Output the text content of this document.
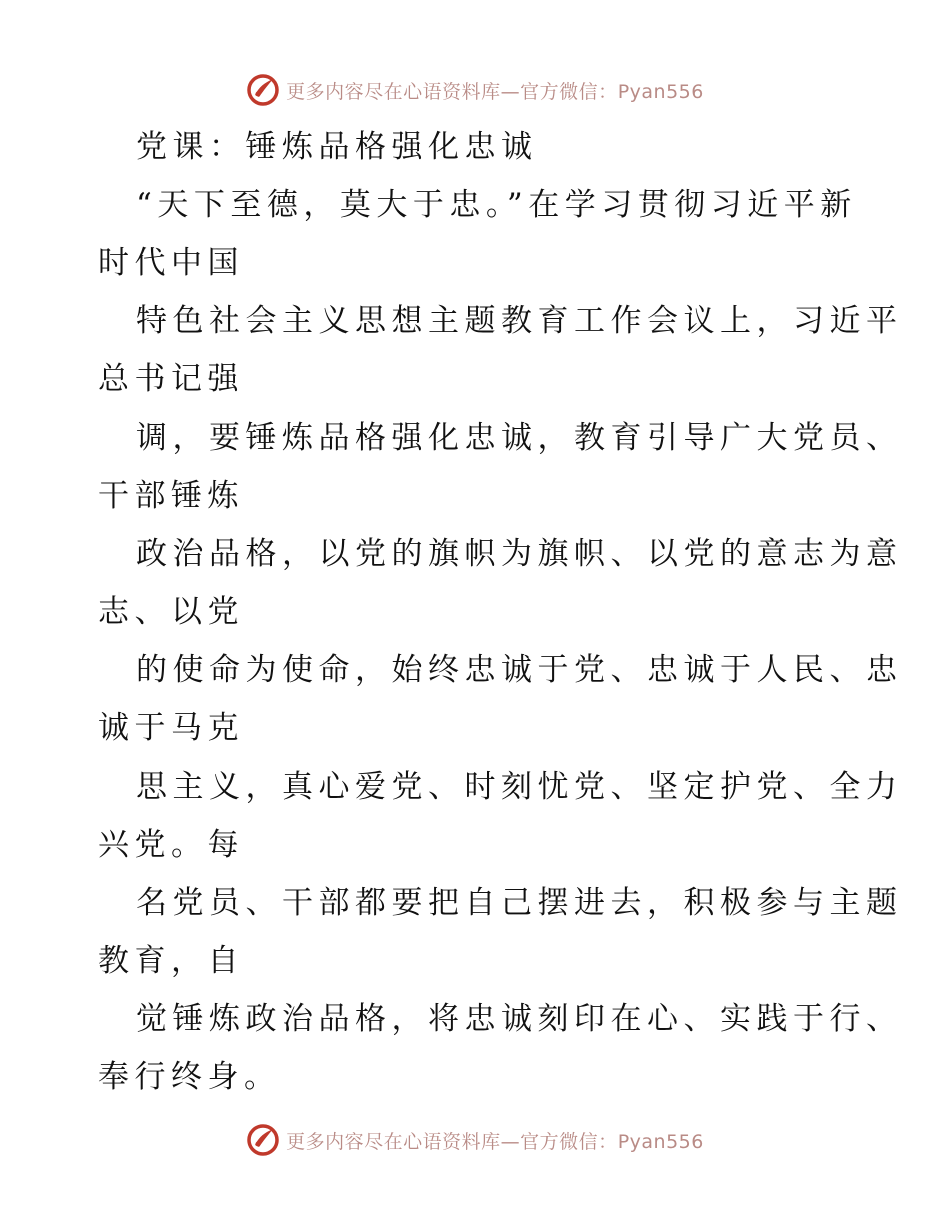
更多内容尽在心语资料库—官方微信：Pyan556
党课：锤炼品格强化忠诚
“天下至德，莫大于忠。”在学习贯彻习近平新
时代中国
特色社会主义思想主题教育工作会议上，习近平
总书记强
调，要锤炼品格强化忠诚，教育引导广大党员、
干部锤炼
政治品格，以党的旗帜为旗帜、以党的意志为意
志、以党
的使命为使命，始终忠诚于党、忠诚于人民、忠
诚于马克
思主义，真心爱党、时刻忧党、坚定护党、全力
兴党。每
名党员、干部都要把自己摆进去，积极参与主题
教育，自
觉锤炼政治品格，将忠诚刻印在心、实践于行、
奉行终身。
更多内容尽在心语资料库—官方微信：Pyan556
